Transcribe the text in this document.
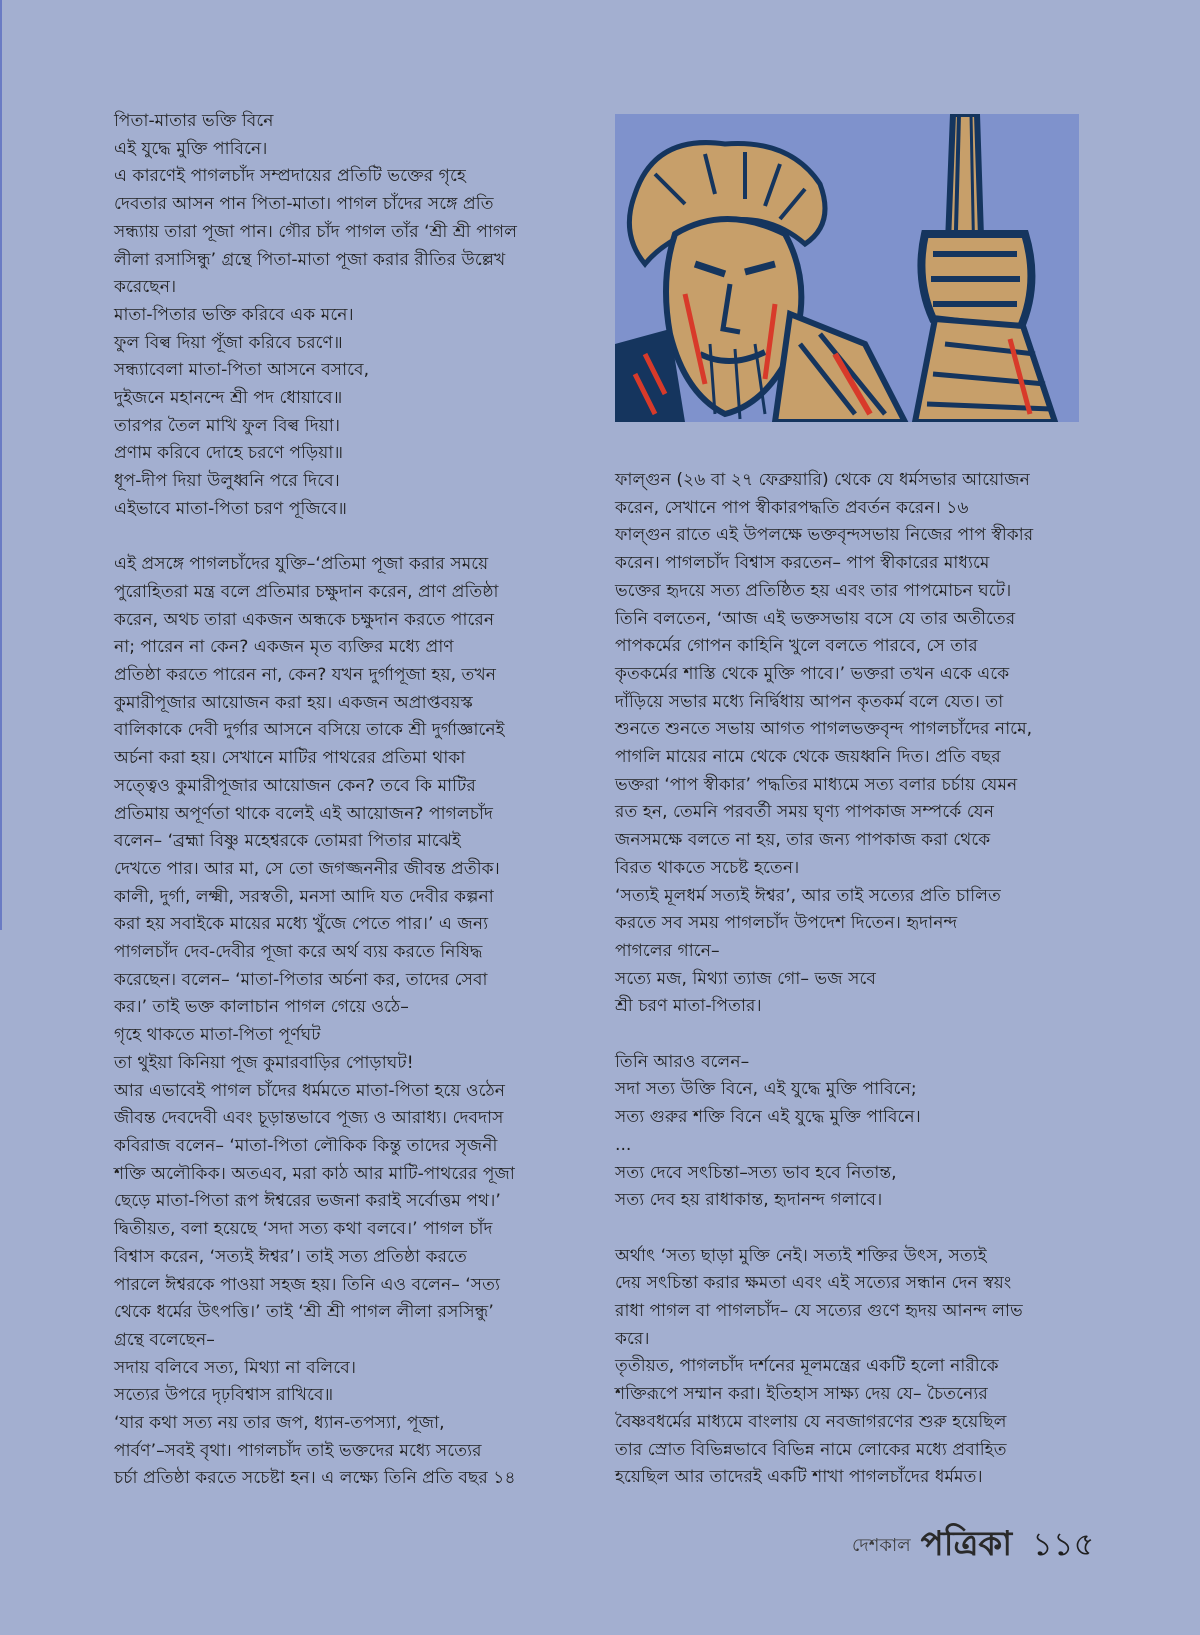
পিতা-মাতার ভক্তি বিনে

এই যুদ্ধে মুক্তি পাবিনে।

এ কারণেই পাগলচাঁদ সম্প্রদায়ের প্রতিটি ভক্তের গৃহে

দেবতার আসন পান পিতা-মাতা। পাগল চাঁদের সঙ্গে প্রতি

সন্ধ্যায় তারা পূজা পান। গৌর চাঁদ পাগল তাঁর ‘শ্রী শ্রী পাগল

লীলা রসাসিন্ধু’ গ্রন্থে পিতা-মাতা পূজা করার রীতির উল্লেখ

করেছেন।

মাতা-পিতার ভক্তি করিবে এক মনে।

ফুল বিল্ব দিয়া পূঁজা করিবে চরণে॥

সন্ধ্যাবেলা মাতা-পিতা আসনে বসাবে,

দুইজনে মহানন্দে শ্রী পদ ধোয়াবে॥

তারপর তৈল মাখি ফুল বিল্ব দিয়া।

প্রণাম করিবে দোহে চরণে পড়িয়া॥

ধূপ-দীপ দিয়া উলুধ্বনি পরে দিবে।

এইভাবে মাতা-পিতা চরণ পূজিবে॥

এই প্রসঙ্গে পাগলচাঁদের যুক্তি–‘প্রতিমা পূজা করার সময়ে

পুরোহিতরা মন্ত্র বলে প্রতিমার চক্ষুদান করেন, প্রাণ প্রতিষ্ঠা

করেন, অথচ তারা একজন অন্ধকে চক্ষুদান করতে পারেন

না; পারেন না কেন? একজন মৃত ব্যক্তির মধ্যে প্রাণ

প্রতিষ্ঠা করতে পারেন না, কেন? যখন দুর্গাপূজা হয়, তখন

কুমারীপূজার আয়োজন করা হয়। একজন অপ্রাপ্তবয়স্ক

বালিকাকে দেবী দুর্গার আসনে বসিয়ে তাকে শ্রী দুর্গাজ্ঞানেই

অর্চনা করা হয়। সেখানে মাটির পাথরের প্রতিমা থাকা

সত্ত্বেও কুমারীপূজার আয়োজন কেন? তবে কি মাটির

প্রতিমায় অপূর্ণতা থাকে বলেই এই আয়োজন? পাগলচাঁদ

বলেন– ‘ব্রহ্মা বিষ্ণু মহেশ্বরকে তোমরা পিতার মাঝেই

দেখতে পার। আর মা, সে তো জগজ্জননীর জীবন্ত প্রতীক।

কালী, দুর্গা, লক্ষ্মী, সরস্বতী, মনসা আদি যত দেবীর কল্পনা

করা হয় সবাইকে মায়ের মধ্যে খুঁজে পেতে পার।’ এ জন্য

পাগলচাঁদ দেব-দেবীর পূজা করে অর্থ ব্যয় করতে নিষিদ্ধ

করেছেন। বলেন– ‘মাতা-পিতার অর্চনা কর, তাদের সেবা

কর।’ তাই ভক্ত কালাচান পাগল গেয়ে ওঠে–

গৃহে থাকতে মাতা-পিতা পূর্ণঘট

তা থুইয়া কিনিয়া পূজ কুমারবাড়ির পোড়াঘট!

আর এভাবেই পাগল চাঁদের ধর্মমতে মাতা-পিতা হয়ে ওঠেন

জীবন্ত দেবদেবী এবং চূড়ান্তভাবে পূজ্য ও আরাধ্য। দেবদাস

কবিরাজ বলেন– ‘মাতা-পিতা লৌকিক কিন্তু তাদের সৃজনী

শক্তি অলৌকিক। অতএব, মরা কাঠ আর মাটি-পাথরের পূজা

ছেড়ে মাতা-পিতা রূপ ঈশ্বরের ভজনা করাই সর্বোত্তম পথ।’

দ্বিতীয়ত, বলা হয়েছে ‘সদা সত্য কথা বলবে।’ পাগল চাঁদ

বিশ্বাস করেন, ‘সত্যই ঈশ্বর’। তাই সত্য প্রতিষ্ঠা করতে

পারলে ঈশ্বরকে পাওয়া সহজ হয়। তিনি এও বলেন– ‘সত্য

থেকে ধর্মের উৎপত্তি।’ তাই ‘শ্রী শ্রী পাগল লীলা রসসিন্ধু’

গ্রন্থে বলেছেন–

সদায় বলিবে সত্য, মিথ্যা না বলিবে।

সত্যের উপরে দৃঢ়বিশ্বাস রাখিবে॥

‘যার কথা সত্য নয় তার জপ, ধ্যান-তপস্যা, পূজা,

পার্বণ’–সবই বৃথা। পাগলচাঁদ তাই ভক্তদের মধ্যে সত্যের

চর্চা প্রতিষ্ঠা করতে সচেষ্টা হন। এ লক্ষ্যে তিনি প্রতি বছর ১৪

ফাল্গুন (২৬ বা ২৭ ফেব্রুয়ারি) থেকে যে ধর্মসভার আয়োজন

করেন, সেখানে পাপ স্বীকারপদ্ধতি প্রবর্তন করেন। ১৬

ফাল্গুন রাতে এই উপলক্ষে ভক্তবৃন্দসভায় নিজের পাপ স্বীকার

করেন। পাগলচাঁদ বিশ্বাস করতেন– পাপ স্বীকারের মাধ্যমে

ভক্তের হৃদয়ে সত্য প্রতিষ্ঠিত হয় এবং তার পাপমোচন ঘটে।

তিনি বলতেন, ‘আজ এই ভক্তসভায় বসে যে তার অতীতের

পাপকর্মের গোপন কাহিনি খুলে বলতে পারবে, সে তার

কৃতকর্মের শাস্তি থেকে মুক্তি পাবে।’ ভক্তরা তখন একে একে

দাঁড়িয়ে সভার মধ্যে নির্দ্বিধায় আপন কৃতকর্ম বলে যেত। তা

শুনতে শুনতে সভায় আগত পাগলভক্তবৃন্দ পাগলচাঁদের নামে,

পাগলি মায়ের নামে থেকে থেকে জয়ধ্বনি দিত। প্রতি বছর

ভক্তরা ‘পাপ স্বীকার’ পদ্ধতির মাধ্যমে সত্য বলার চর্চায় যেমন

রত হন, তেমনি পরবর্তী সময় ঘৃণ্য পাপকাজ সম্পর্কে যেন

জনসমক্ষে বলতে না হয়, তার জন্য পাপকাজ করা থেকে

বিরত থাকতে সচেষ্ট হতেন।

‘সত্যই মূলধর্ম সত্যই ঈশ্বর’, আর তাই সত্যের প্রতি চালিত

করতে সব সময় পাগলচাঁদ উপদেশ দিতেন। হৃদানন্দ

পাগলের গানে–

সত্যে মজ, মিথ্যা ত্যাজ গো– ভজ সবে

শ্রী চরণ মাতা-পিতার।

তিনি আরও বলেন–

সদা সত্য উক্তি বিনে, এই যুদ্ধে মুক্তি পাবিনে;

সত্য গুরুর শক্তি বিনে এই যুদ্ধে মুক্তি পাবিনে।

...

সত্য দেবে সৎচিন্তা–সত্য ভাব হবে নিতান্ত,

সত্য দেব হয় রাধাকান্ত, হৃদানন্দ গলাবে।

অর্থাৎ ‘সত্য ছাড়া মুক্তি নেই। সত্যই শক্তির উৎস, সত্যই

দেয় সৎচিন্তা করার ক্ষমতা এবং এই সত্যের সন্ধান দেন স্বয়ং

রাধা পাগল বা পাগলচাঁদ– যে সত্যের গুণে হৃদয় আনন্দ লাভ

করে।

তৃতীয়ত, পাগলচাঁদ দর্শনের মূলমন্ত্রের একটি হলো নারীকে

শক্তিরূপে সম্মান করা। ইতিহাস সাক্ষ্য দেয় যে– চৈতন্যের

বৈষ্ণবধর্মের মাধ্যমে বাংলায় যে নবজাগরণের শুরু হয়েছিল

তার স্রোত বিভিন্নভাবে বিভিন্ন নামে লোকের মধ্যে প্রবাহিত

হয়েছিল আর তাদেরই একটি শাখা পাগলচাঁদের ধর্মমত।

দেশকাল পত্রিকা ১১৫
